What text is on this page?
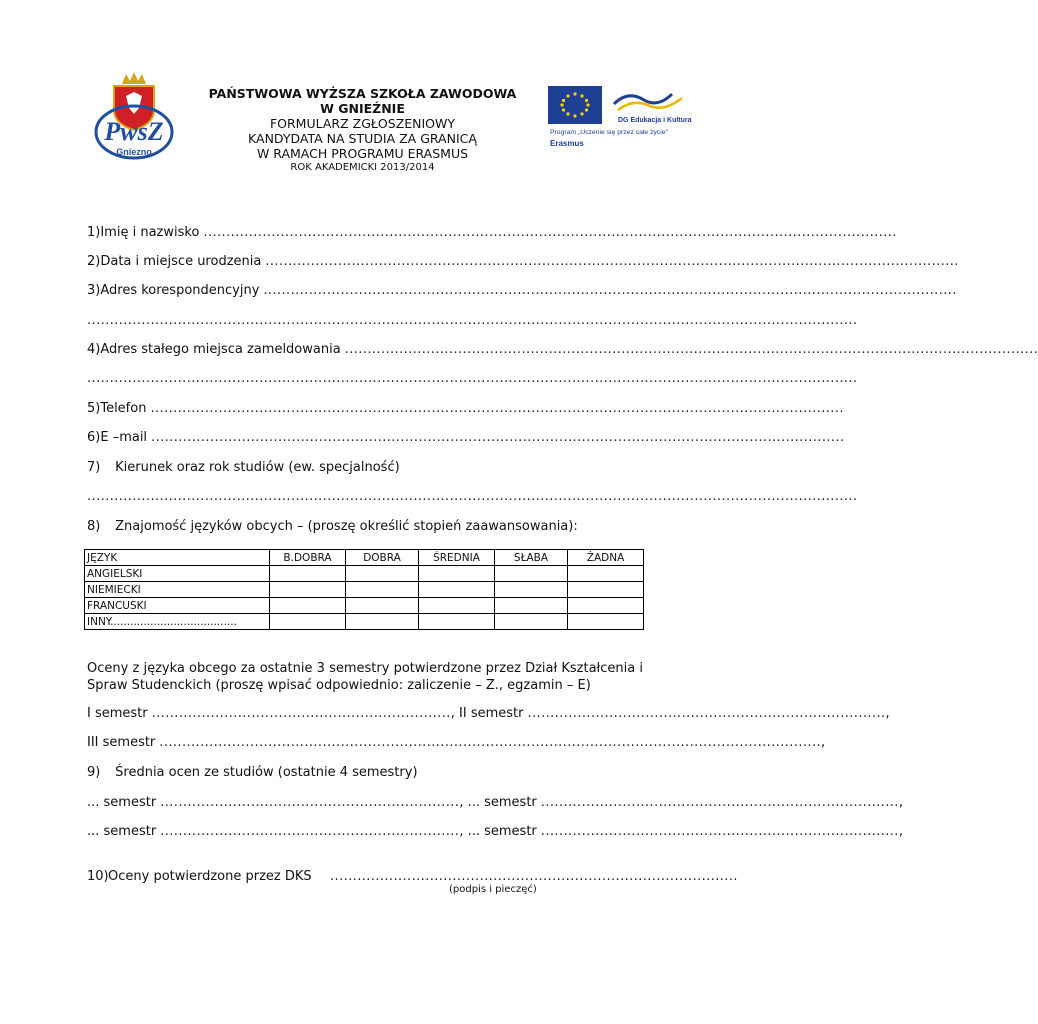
PwsZ
Gniezno
DG Edukacja i Kultura
Program „Uczenie się przez całe życie"
Erasmus
PAŃSTWOWA WYŻSZA SZKOŁA ZAWODOWA
W GNIEŹNIE
FORMULARZ ZGŁOSZENIOWY
KANDYDATA NA STUDIA ZA GRANICĄ
W RAMACH PROGRAMU ERASMUS
ROK AKADEMICKI 2013/2014
1) Imię i nazwisko .........................................................................................................................................................
2) Data i miejsce urodzenia .........................................................................................................................................................
3) Adres korespondencyjny .........................................................................................................................................................
..........................................................................................................................................................................
4) Adres stałego miejsca zameldowania .........................................................................................................................................................
..........................................................................................................................................................................
5) Telefon .........................................................................................................................................................
6) E –mail .........................................................................................................................................................
7) Kierunek oraz rok studiów (ew. specjalność)
..........................................................................................................................................................................
8) Znajomość języków obcych – (proszę określić stopień zaawansowania):
JĘZYK	B.DOBRA	DOBRA	ŚREDNIA	SŁABA	ŻADNA
ANGIELSKI					
NIEMIECKI					
FRANCUSKI					
INNY......................................					
Oceny z języka obcego za ostatnie 3 semestry potwierdzone przez Dział Kształcenia i Spraw Studenckich (proszę wpisać odpowiednio: zaliczenie – Z., egzamin – E)
I semestr .................................................................. , II semestr ............................................................................... ,
III semestr .................................................................................................................................................. ,
9) Średnia ocen ze studiów (ostatnie 4 semestry)
... semestr .................................................................. , ... semestr ............................................................................... ,
... semestr .................................................................. , ... semestr ............................................................................... ,
10) Oceny potwierdzone przez DKS	..........................................................................................
(podpis i pieczęć)
